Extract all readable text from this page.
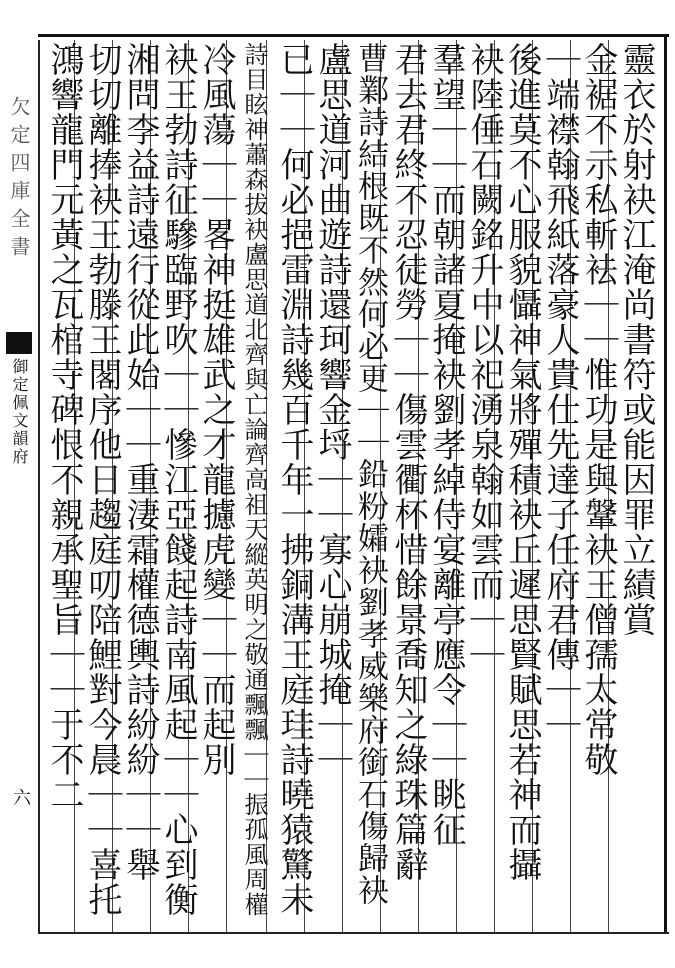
欠定四庫全書
御定佩文韻府
六
靈衣於射袂江淹尚書符或能因罪立績賞
金裾不示私斬袪｜｜惟功是與鞶袂王僧孺太常敬
｜端襟翰飛紙落豪人貴仕先達子任府君傳｜｜
後進莫不心服貌懾神氣將殫積袂丘遲思賢賦思若神而攝
袂陸倕石闕銘升中以祀湧泉翰如雲而｜｜
羣望｜｜而朝諸夏掩袂劉孝綽侍宴離亭應令｜｜眺征
君去君終不忍徒勞｜｜傷雲衢杯惜餘景喬知之綠珠篇辭
曹鄴詩結根既不然何必更｜｜鉛粉孀袂劉孝威樂府銜石傷歸袂
盧思道河曲遊詩還珂響金埒｜｜寡心崩城掩｜｜
已｜｜何必挹雷淵詩幾百千年一拂銅溝王庭珪詩曉猿驚未
詩目眩神蕭森拔袂盧思道北齊與亡論齊高祖天縱英明之敬通飄飄｜｜振孤風周權
冷風蕩｜｜畧神挺雄武之才龍攄虎變｜｜而起別
袂王勃詩征驂臨野吹｜｜慘江亞餞起詩南風起｜｜心到衡
湘問李益詩遠行從此始｜｜重淒霜權德輿詩紛紛｜｜舉
切切離捧袂王勃滕王閣序他日趨庭叨陪鯉對今晨｜｜喜托
鴻響龍門元黃之瓦棺寺碑恨不親承聖旨｜｜于不二
